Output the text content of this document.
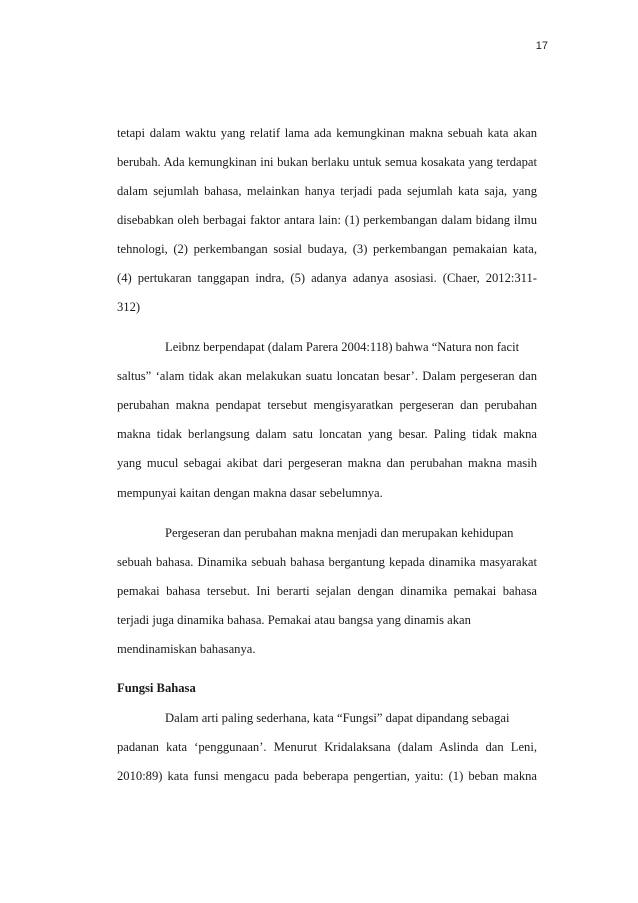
17
tetapi dalam waktu yang relatif lama ada kemungkinan makna sebuah kata akan
berubah. Ada kemungkinan ini bukan berlaku untuk semua kosakata yang terdapat
dalam sejumlah bahasa, melainkan hanya terjadi pada sejumlah kata saja, yang
disebabkan oleh berbagai faktor antara lain: (1) perkembangan dalam bidang ilmu
tehnologi, (2) perkembangan sosial budaya, (3) perkembangan pemakaian kata,
(4) pertukaran tanggapan indra, (5) adanya adanya asosiasi. (Chaer, 2012:311-
312)
Leibnz berpendapat (dalam Parera 2004:118) bahwa “Natura non facit
saltus” ‘alam tidak akan melakukan suatu loncatan besar’. Dalam pergeseran dan
perubahan makna pendapat tersebut mengisyaratkan pergeseran dan perubahan
makna tidak berlangsung dalam satu loncatan yang besar. Paling tidak makna
yang mucul sebagai akibat dari pergeseran makna dan perubahan makna masih
mempunyai kaitan dengan makna dasar sebelumnya.
Pergeseran dan perubahan makna menjadi dan merupakan kehidupan
sebuah bahasa. Dinamika sebuah bahasa bergantung kepada dinamika masyarakat
pemakai bahasa tersebut. Ini berarti sejalan dengan dinamika pemakai bahasa
terjadi juga dinamika bahasa. Pemakai atau bangsa yang dinamis akan
mendinamiskan bahasanya.
Fungsi Bahasa
Dalam arti paling sederhana, kata “Fungsi” dapat dipandang sebagai
padanan kata ‘penggunaan’. Menurut Kridalaksana (dalam Aslinda dan Leni,
2010:89) kata funsi mengacu pada beberapa pengertian, yaitu: (1) beban makna
